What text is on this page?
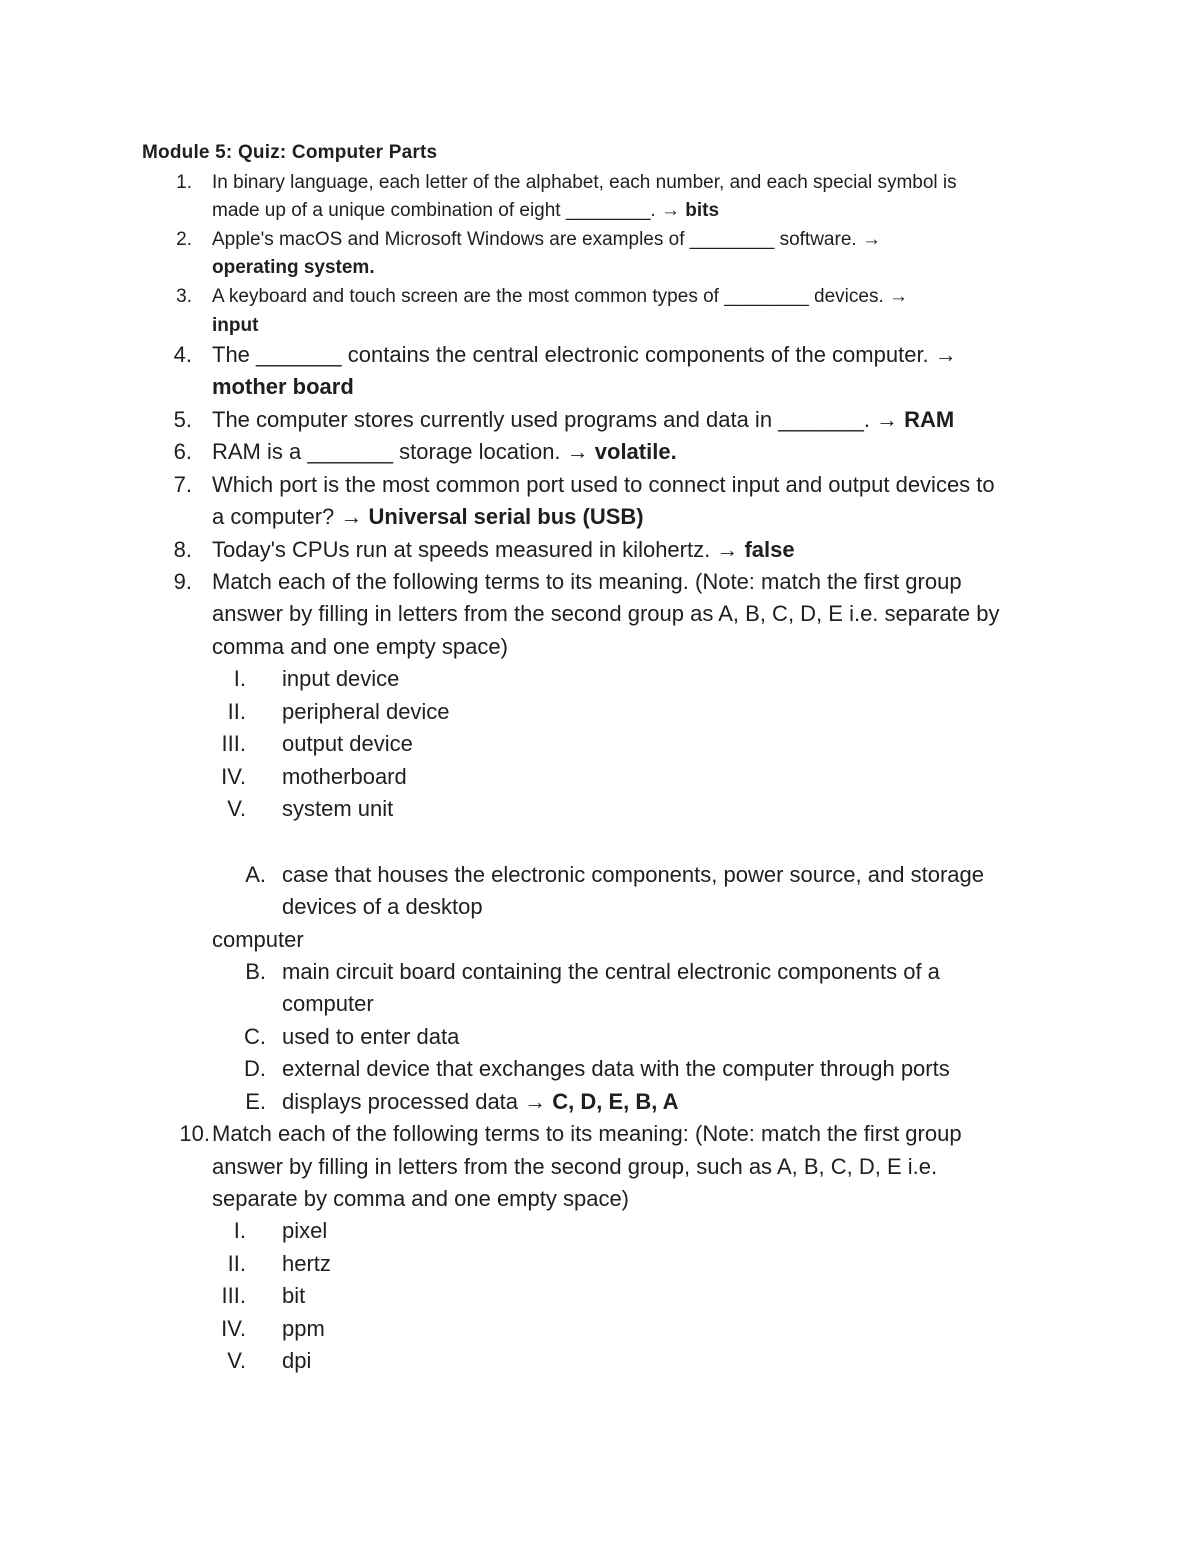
Module 5: Quiz: Computer Parts
1. In binary language, each letter of the alphabet, each number, and each special symbol is
made up of a unique combination of eight ________. → bits
2. Apple's macOS and Microsoft Windows are examples of ________ software. →
operating system.
3. A keyboard and touch screen are the most common types of ________ devices. →
input
4. The _______ contains the central electronic components of the computer. →
mother board
5. The computer stores currently used programs and data in _______. → RAM
6. RAM is a _______ storage location. → volatile.
7. Which port is the most common port used to connect input and output devices to
a computer? → Universal serial bus (USB)
8. Today's CPUs run at speeds measured in kilohertz. → false
9. Match each of the following terms to its meaning. (Note: match the first group
answer by filling in letters from the second group as A, B, C, D, E i.e. separate by
comma and one empty space)
I. input device
II. peripheral device
III. output device
IV. motherboard
V. system unit
A. case that houses the electronic components, power source, and storage
devices of a desktop
computer
B. main circuit board containing the central electronic components of a
computer
C. used to enter data
D. external device that exchanges data with the computer through ports
E. displays processed data → C, D, E, B, A
10. Match each of the following terms to its meaning: (Note: match the first group
answer by filling in letters from the second group, such as A, B, C, D, E i.e.
separate by comma and one empty space)
I. pixel
II. hertz
III. bit
IV. ppm
V. dpi
